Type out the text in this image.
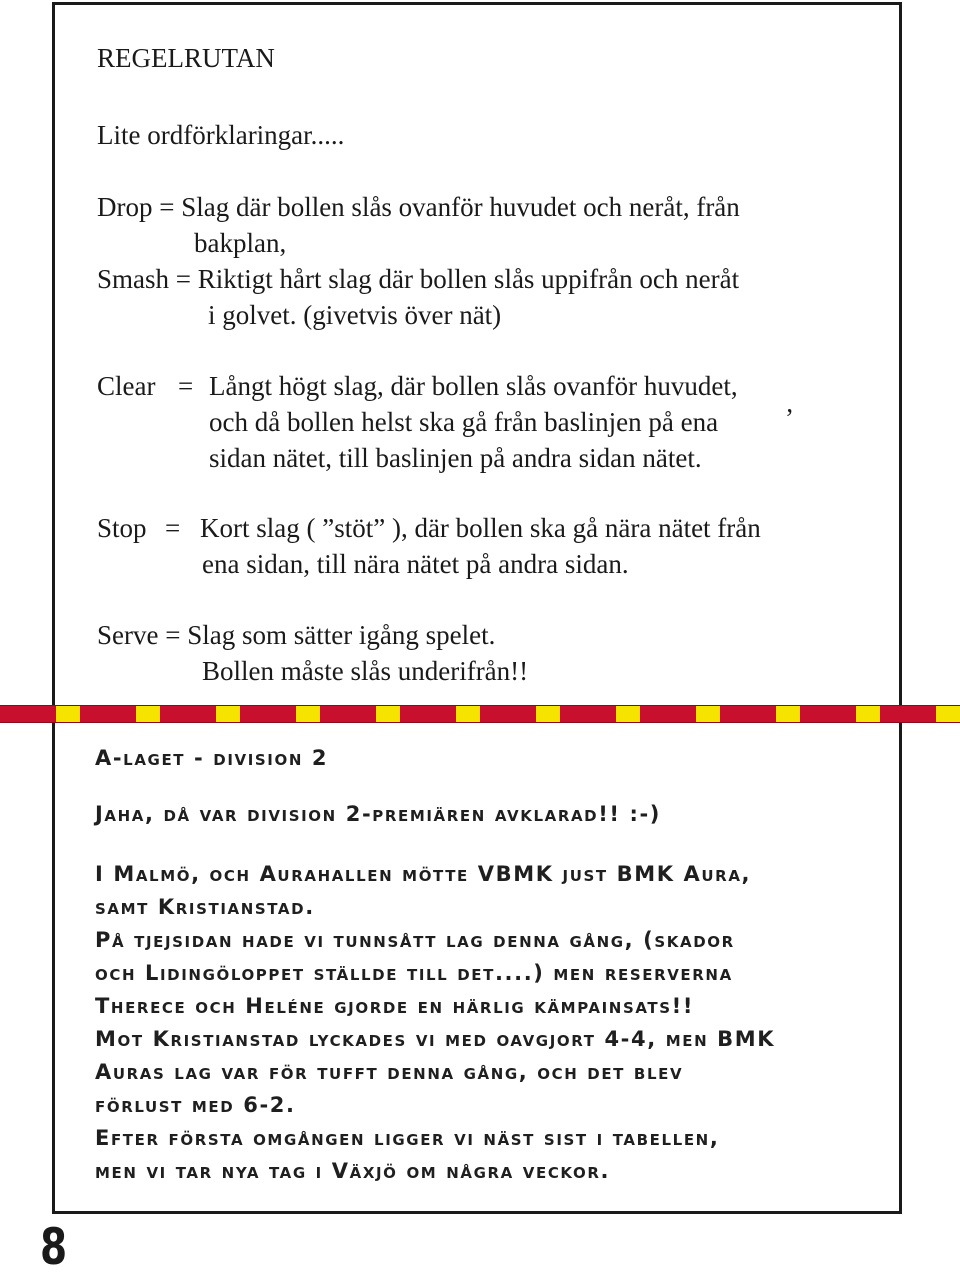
REGELRUTAN
Lite ordförklaringar.....
Drop = Slag där bollen slås ovanför huvudet och neråt, från
bakplan,
Smash = Riktigt hårt slag där bollen slås uppifrån och neråt
i golvet. (givetvis över nät)
Clear = Långt högt slag, där bollen slås ovanför huvudet,
och då bollen helst ska gå från baslinjen på ena ’
sidan nätet, till baslinjen på andra sidan nätet.
Stop = Kort slag ( ”stöt” ), där bollen ska gå nära nätet från
ena sidan, till nära nätet på andra sidan.
Serve = Slag som sätter igång spelet.
Bollen måste slås underifrån!!
A-laget - division 2
Jaha, då var division 2-premiären avklarad!! :-)
I Malmö, och Aurahallen mötte VBMK just BMK Aura,
samt Kristianstad.
På tjejsidan hade vi tunnsått lag denna gång, (skador
och Lidingöloppet ställde till det....) men reserverna
Therece och Heléne gjorde en härlig kämpainsats!!
Mot Kristianstad lyckades vi med oavgjort 4-4, men BMK
Auras lag var för tufft denna gång, och det blev
förlust med 6-2.
Efter första omgången ligger vi näst sist i tabellen,
men vi tar nya tag i Växjö om några veckor.
8
